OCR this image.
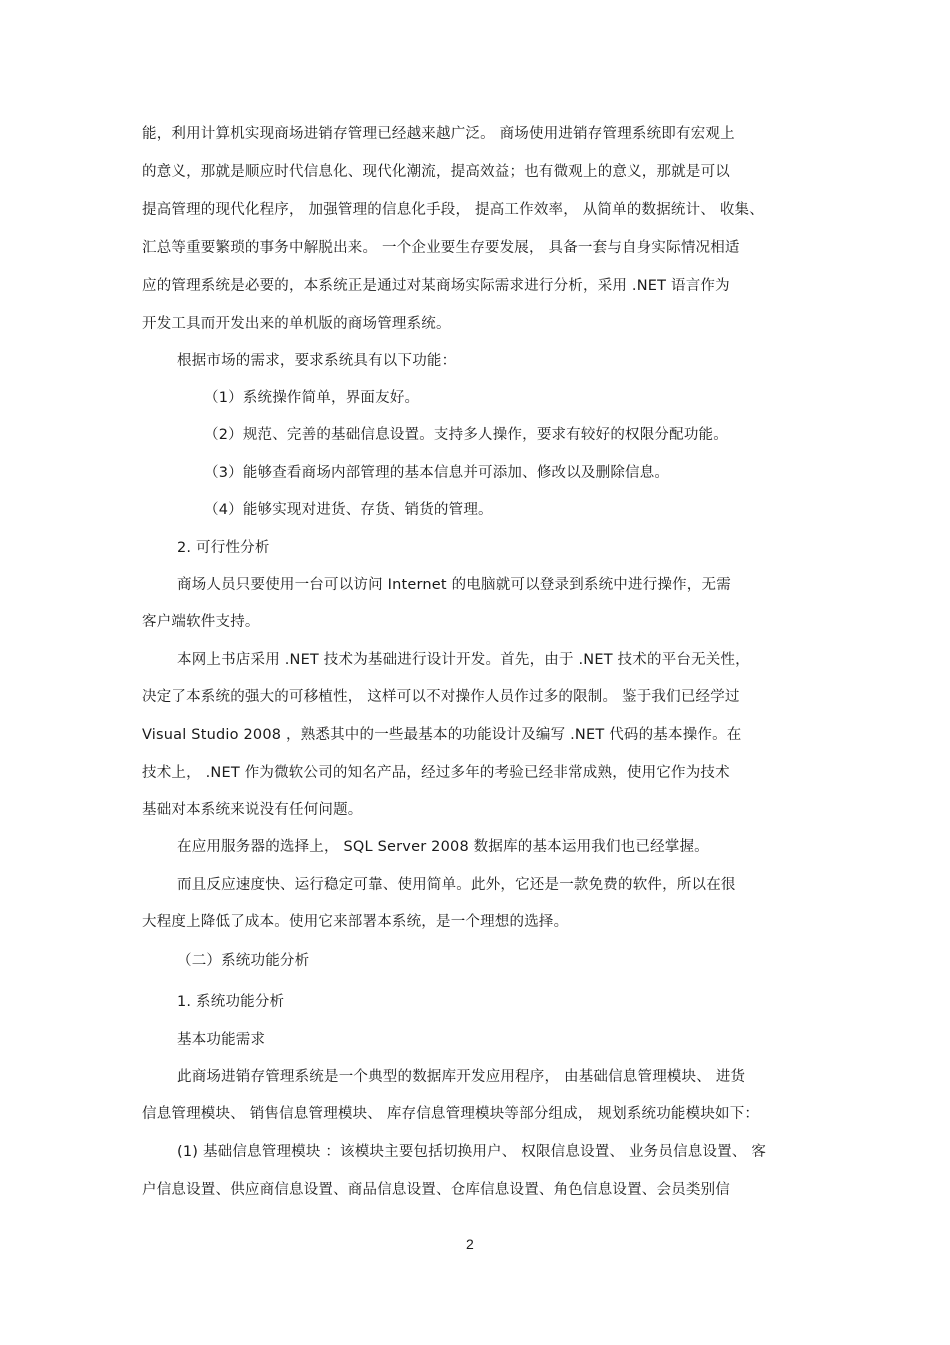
能，利用计算机实现商场进销存管理已经越来越广泛。 商场使用进销存管理系统即有宏观上
的意义，那就是顺应时代信息化、现代化潮流，提高效益；也有微观上的意义，那就是可以
提高管理的现代化程序， 加强管理的信息化手段， 提高工作效率， 从简单的数据统计、 收集、
汇总等重要繁琐的事务中解脱出来。 一个企业要生存要发展， 具备一套与自身实际情况相适
应的管理系统是必要的，本系统正是通过对某商场实际需求进行分析，采用 .NET 语言作为
开发工具而开发出来的单机版的商场管理系统。
根据市场的需求，要求系统具有以下功能：
（1）系统操作简单，界面友好。
（2）规范、完善的基础信息设置。支持多人操作，要求有较好的权限分配功能。
（3）能够查看商场内部管理的基本信息并可添加、修改以及删除信息。
（4）能够实现对进货、存货、销货的管理。
2. 可行性分析
商场人员只要使用一台可以访问 Internet 的电脑就可以登录到系统中进行操作，无需
客户端软件支持。
本网上书店采用 .NET 技术为基础进行设计开发。首先，由于 .NET 技术的平台无关性，
决定了本系统的强大的可移植性， 这样可以不对操作人员作过多的限制。 鉴于我们已经学过
Visual Studio 2008 ，熟悉其中的一些最基本的功能设计及编写 .NET 代码的基本操作。在
技术上， .NET 作为微软公司的知名产品，经过多年的考验已经非常成熟，使用它作为技术
基础对本系统来说没有任何问题。
在应用服务器的选择上， SQL Server 2008 数据库的基本运用我们也已经掌握。
而且反应速度快、运行稳定可靠、使用简单。此外，它还是一款免费的软件，所以在很
大程度上降低了成本。使用它来部署本系统，是一个理想的选择。
（二）系统功能分析
1. 系统功能分析
基本功能需求
此商场进销存管理系统是一个典型的数据库开发应用程序， 由基础信息管理模块、 进货
信息管理模块、 销售信息管理模块、 库存信息管理模块等部分组成， 规划系统功能模块如下：
(1) 基础信息管理模块 ：该模块主要包括切换用户、 权限信息设置、 业务员信息设置、 客
户信息设置、供应商信息设置、商品信息设置、仓库信息设置、角色信息设置、会员类别信
2
